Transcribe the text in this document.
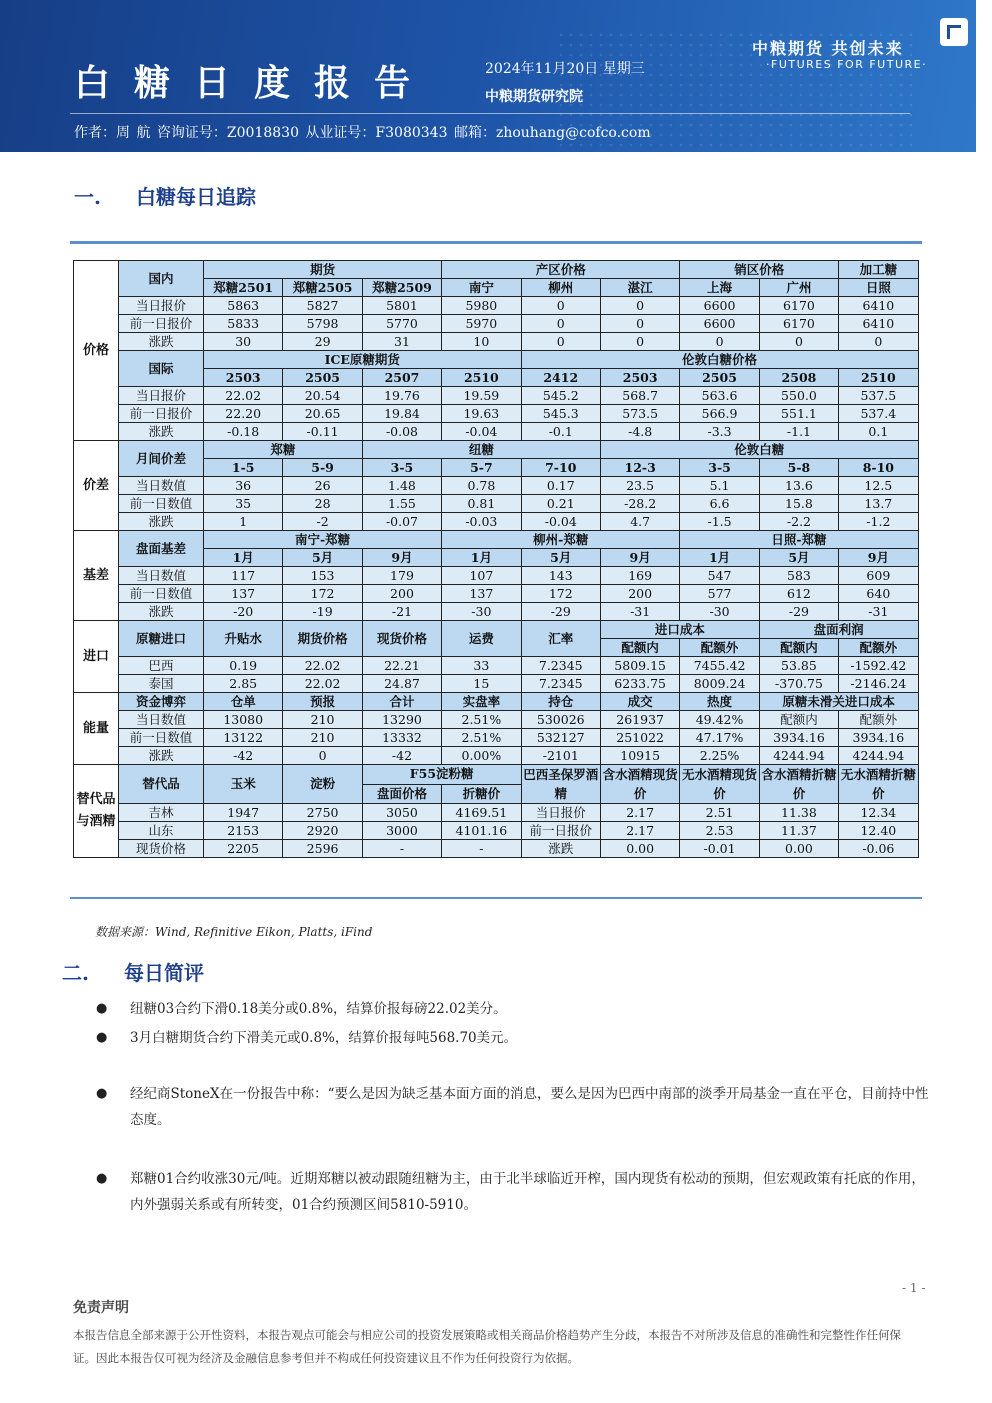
白糖日度报告	2024年11月20日 星期三
中粮期货研究院
中粮期货 共创未来
·FUTURES FOR FUTURE·
作者：周 航 咨询证号：Z0018830 从业证号：F3080343 邮箱：zhouhang@cofco.com
一. 白糖每日追踪
价格	国内	期货			产区价格			销区价格		加工糖
		郑糖2501	郑糖2505	郑糖2509	南宁	柳州	湛江	上海	广州	日照
	当日报价	5863	5827	5801	5980	0	0	6600	6170	6410
	前一日报价	5833	5798	5770	5970	0	0	6600	6170	6410
	涨跌	30	29	31	10	0	0	0	0	0
	国际	ICE原糖期货				伦敦白糖价格				
		2503	2505	2507	2510	2412	2503	2505	2508	2510
	当日报价	22.02	20.54	19.76	19.59	545.2	568.7	563.6	550.0	537.5
	前一日报价	22.20	20.65	19.84	19.63	545.3	573.5	566.9	551.1	537.4
	涨跌	-0.18	-0.11	-0.08	-0.04	-0.1	-4.8	-3.3	-1.1	0.1
价差	月间价差	郑糖		纽糖			伦敦白糖			
		1-5	5-9	3-5	5-7	7-10	12-3	3-5	5-8	8-10
	当日数值	36	26	1.48	0.78	0.17	23.5	5.1	13.6	12.5
	前一日数值	35	28	1.55	0.81	0.21	-28.2	6.6	15.8	13.7
	涨跌	1	-2	-0.07	-0.03	-0.04	4.7	-1.5	-2.2	-1.2
基差	盘面基差	南宁-郑糖			柳州-郑糖			日照-郑糖		
		1月	5月	9月	1月	5月	9月	1月	5月	9月
	当日数值	117	153	179	107	143	169	547	583	609
	前一日数值	137	172	200	137	172	200	577	612	640
	涨跌	-20	-19	-21	-30	-29	-31	-30	-29	-31
进口	原糖进口	升贴水	期货价格	现货价格	运费	汇率	进口成本		盘面利润	
							配额内	配额外	配额内	配额外
	巴西	0.19	22.02	22.21	33	7.2345	5809.15	7455.42	53.85	-1592.42
	泰国	2.85	22.02	24.87	15	7.2345	6233.75	8009.24	-370.75	-2146.24
能量	资金博弈	仓单	预报	合计	实盘率	持仓	成交	热度	原糖未滑关进口成本	
	当日数值	13080	210	13290	2.51%	530026	261937	49.42%	配额内	配额外
	前一日数值	13122	210	13332	2.51%	532127	251022	47.17%	3934.16	3934.16
	涨跌	-42	0	-42	0.00%	-2101	10915	2.25%	4244.94	4244.94
替代品与酒精	替代品	玉米	淀粉	F55淀粉糖		巴西圣保罗酒精	含水酒精现货价	无水酒精现货价	含水酒精折糖价	无水酒精折糖价
				盘面价格	折糖价					
	吉林	1947	2750	3050	4169.51	当日报价	2.17	2.51	11.38	12.34
	山东	2153	2920	3000	4101.16	前一日报价	2.17	2.53	11.37	12.40
	现货价格	2205	2596	-	-	涨跌	0.00	-0.01	0.00	-0.06
数据来源：Wind, Refinitive Eikon, Platts, iFind
二. 每日简评
● 纽糖03合约下滑0.18美分或0.8%，结算价报每磅22.02美分。
● 3月白糖期货合约下滑美元或0.8%，结算价报每吨568.70美元。
● 经纪商StoneX在一份报告中称：“要么是因为缺乏基本面方面的消息，要么是因为巴西中南部的淡季开局基金一直在平仓，目前持中性态度。
● 郑糖01合约收涨30元/吨。近期郑糖以被动跟随纽糖为主，由于北半球临近开榨，国内现货有松动的预期，但宏观政策有托底的作用，内外强弱关系或有所转变，01合约预测区间5810-5910。
- 1 -
免责声明
本报告信息全部来源于公开性资料，本报告观点可能会与相应公司的投资发展策略或相关商品价格趋势产生分歧，本报告不对所涉及信息的准确性和完整性作任何保证。因此本报告仅可视为经济及金融信息参考但并不构成任何投资建议且不作为任何投资行为依据。
